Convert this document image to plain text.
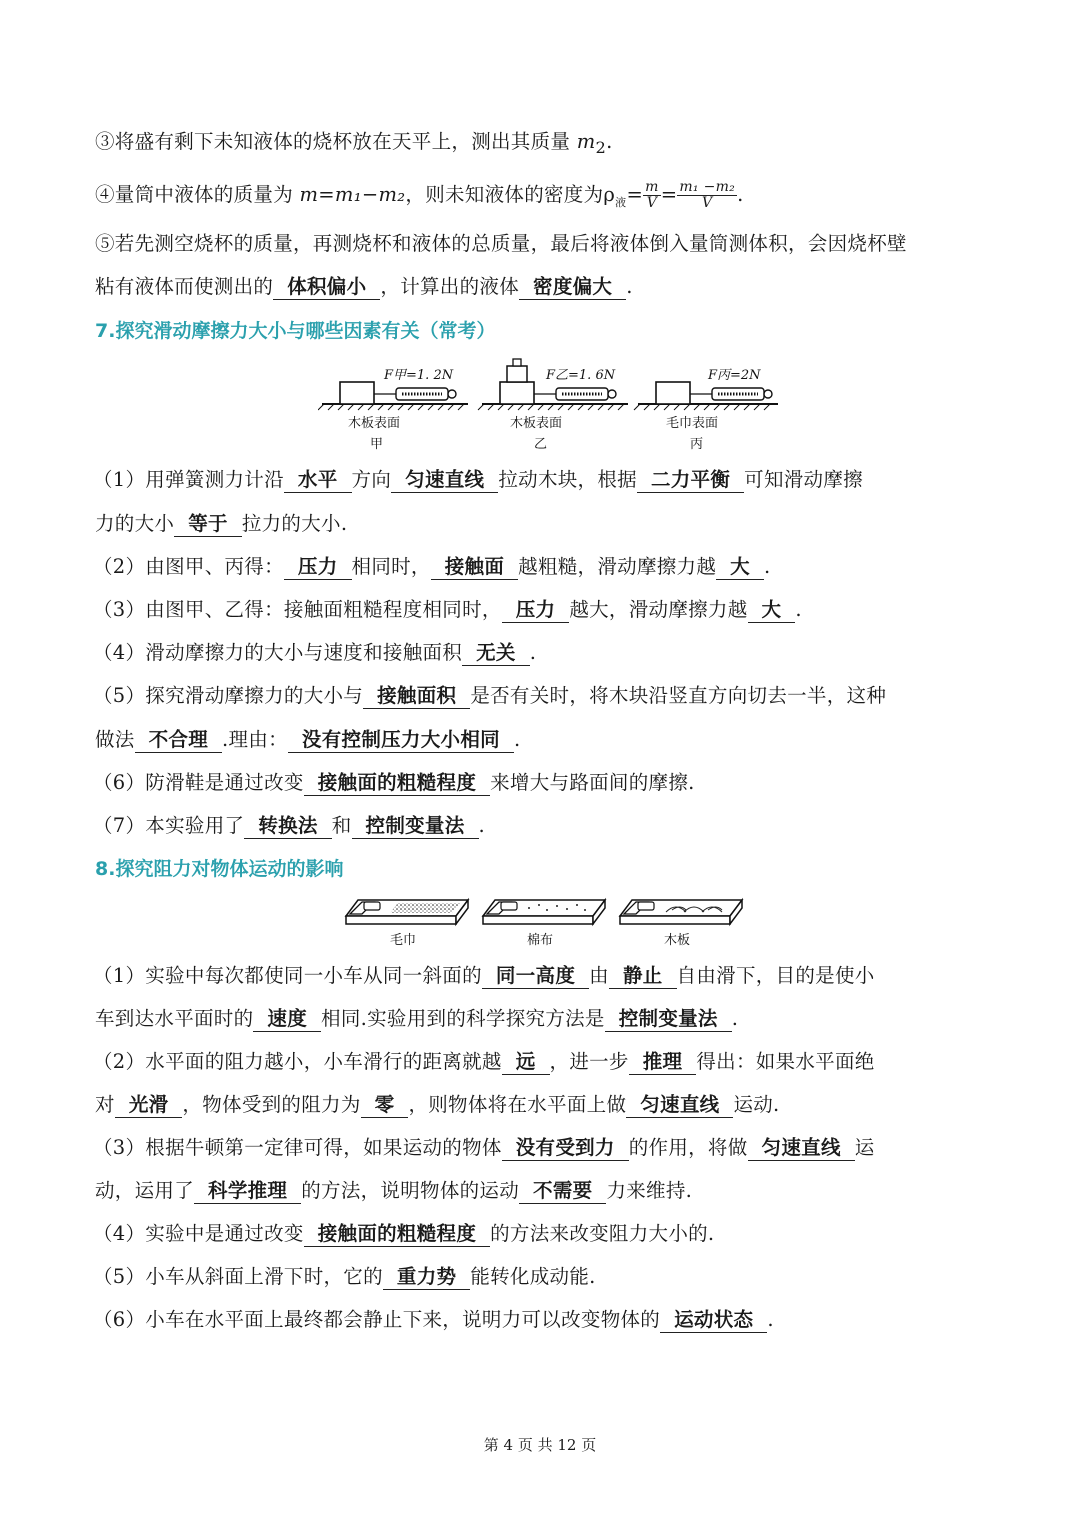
③将盛有剩下未知液体的烧杯放在天平上，测出其质量 $m_2$.
④量筒中液体的质量为 m=m₁−m₂，则未知液体的密度为$\rho_液= \frac{m}{V} = \frac{\text{m₁ −m₂}}{V}$ .
⑤若先测空烧杯的质量，再测烧杯和液体的总质量，最后将液体倒入量筒测体积，会因烧杯壁
粘有液体而使测出的 体积偏小 ，计算出的液体 密度偏大 .
7.探究滑动摩擦力大小与哪些因素有关（常考）
F甲=1. 2N
木板表面
甲
F乙=1. 6N
木板表面
乙
F丙=2N
毛巾表面
丙
（1）用弹簧测力计沿 水平 方向 匀速直线 拉动木块，根据 二力平衡 可知滑动摩擦
力的大小 等于 拉力的大小.
（2）由图甲、丙得： 压力 相同时， 接触面 越粗糙，滑动摩擦力越 大 .
（3）由图甲、乙得：接触面粗糙程度相同时， 压力 越大，滑动摩擦力越 大 .
（4）滑动摩擦力的大小与速度和接触面积 无关 .
（5）探究滑动摩擦力的大小与 接触面积 是否有关时，将木块沿竖直方向切去一半，这种
做法 不合理 .理由： 没有控制压力大小相同 .
（6）防滑鞋是通过改变 接触面的粗糙程度 来增大与路面间的摩擦.
（7）本实验用了 转换法 和 控制变量法 .
8.探究阻力对物体运动的影响
毛巾	棉布	木板
（1）实验中每次都使同一小车从同一斜面的 同一高度 由 静止 自由滑下，目的是使小
车到达水平面时的 速度 相同.实验用到的科学探究方法是 控制变量法 .
（2）水平面的阻力越小，小车滑行的距离就越 远 ，进一步 推理 得出：如果水平面绝
对 光滑 ，物体受到的阻力为 零 ，则物体将在水平面上做 匀速直线 运动.
（3）根据牛顿第一定律可得，如果运动的物体 没有受到力 的作用，将做 匀速直线 运
动，运用了 科学推理 的方法，说明物体的运动 不需要 力来维持.
（4）实验中是通过改变 接触面的粗糙程度 的方法来改变阻力大小的.
（5）小车从斜面上滑下时，它的 重力势 能转化成动能.
（6）小车在水平面上最终都会静止下来，说明力可以改变物体的 运动状态 .
第 4 页 共 12 页
